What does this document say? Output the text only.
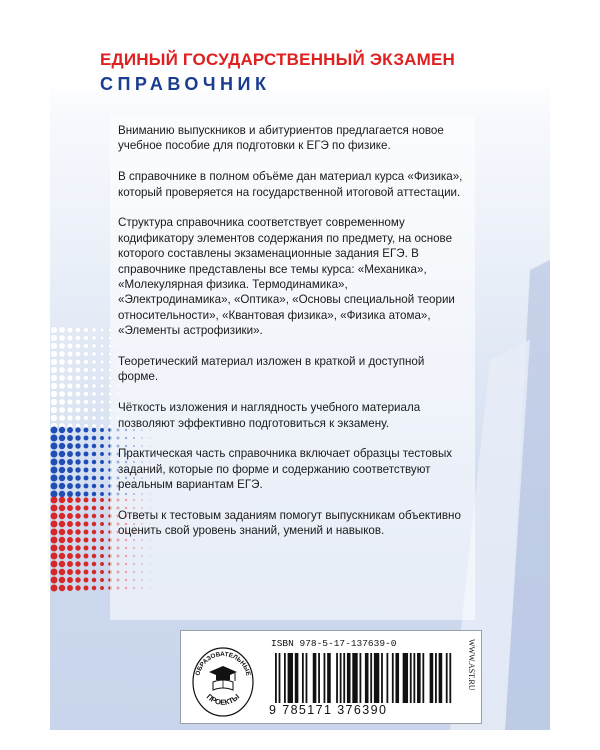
ЕДИНЫЙ ГОСУДАРСТВЕННЫЙ ЭКЗАМЕН
СПРАВОЧНИК

Вниманию выпускников и абитуриентов предлагается новое учебное пособие для подготовки к ЕГЭ по физике.

В справочнике в полном объёме дан материал курса «Физика», который проверяется на государственной итоговой аттестации.

Структура справочника соответствует современному кодификатору элементов содержания по предмету, на основе которого составлены экзаменационные задания ЕГЭ. В справочнике представлены все темы курса: «Механика», «Молекулярная физика. Термодинамика», «Электродинамика», «Оптика», «Основы специальной теории относительности», «Квантовая физика», «Физика атома», «Элементы астрофизики».

Теоретический материал изложен в краткой и доступной форме.

Чёткость изложения и наглядность учебного материала позволяют эффективно подготовиться к экзамену.

Практическая часть справочника включает образцы тестовых заданий, которые по форме и содержанию соответствуют реальным вариантам ЕГЭ.

Ответы к тестовым заданиям помогут выпускникам объективно оценить свой уровень знаний, умений и навыков.

ОБРАЗОВАТЕЛЬНЫЕ
ПРОЕКТЫ
ISBN 978-5-17-137639-0
9 785171 376390
WWW.AST.RU
